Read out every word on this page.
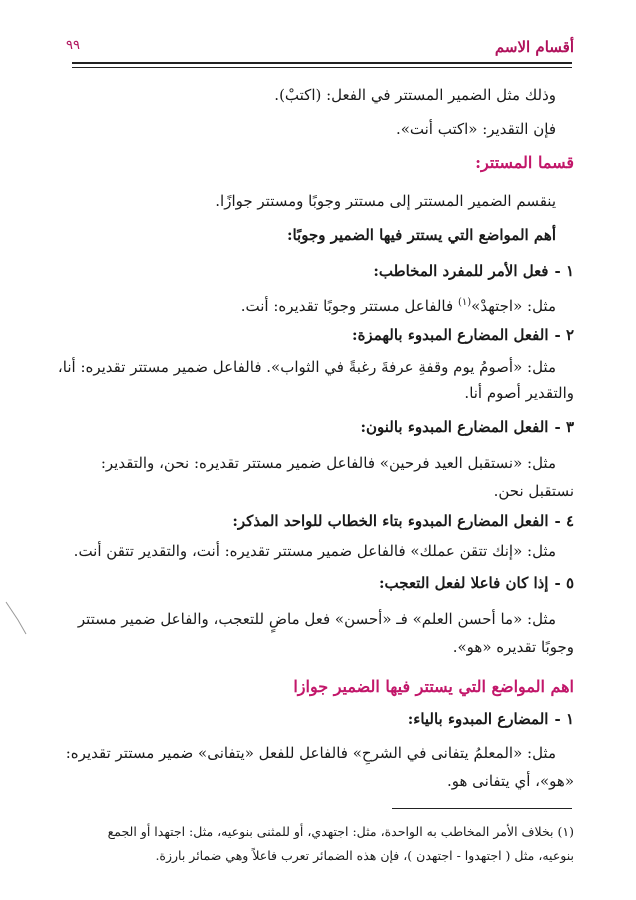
أقسام الاسم
٩٩
وذلك مثل الضمير المستتر في الفعل: (اكتبْ).
فإن التقدير: «اكتب أنت».
قسما المستتر:
ينقسم الضمير المستتر إلى مستتر وجوبًا ومستتر جوازًا.
أهم المواضع التي يستتر فيها الضمير وجوبًا:
١ -فعل الأمر للمفرد المخاطب:
مثل: «اجتهدْ»$^{(١)}$ فالفاعل مستتر وجوبًا تقديره: أنت.
٢ -الفعل المضارع المبدوء بالهمزة:
مثل: «أصومُ يوم وقفةِ عرفةَ رغبةً في الثواب». فالفاعل ضمير مستتر تقديره: أنا،
والتقدير أصوم أنا.
٣ -الفعل المضارع المبدوء بالنون:
مثل: «نستقبل العيد فرحين» فالفاعل ضمير مستتر تقديره: نحن، والتقدير:
نستقبل نحن.
٤ -الفعل المضارع المبدوء بتاء الخطاب للواحد المذكر:
مثل: «إنك تتقن عملك» فالفاعل ضمير مستتر تقديره: أنت، والتقدير تتقن أنت.
٥ -إذا كان فاعلا لفعل التعجب:
مثل: «ما أحسن العلم» فـ «أحسن» فعل ماضٍ للتعجب، والفاعل ضمير مستتر
وجوبًا تقديره «هو».
اهم المواضع التي يستتر فيها الضمير جوازا
١ -المضارع المبدوء بالياء:
مثل: «المعلمُ يتفانى في الشرحِ» فالفاعل للفعل «يتفانى» ضمير مستتر تقديره:
«هو»، أي يتفانى هو.
(١) بخلاف الأمر المخاطب به الواحدة، مثل: اجتهدي، أو للمثنى بنوعيه، مثل: اجتهدا أو الجمع
بنوعيه، مثل ( اجتهدوا - اجتهدن )، فإن هذه الضمائر تعرب فاعلاً وهي ضمائر بارزة.
